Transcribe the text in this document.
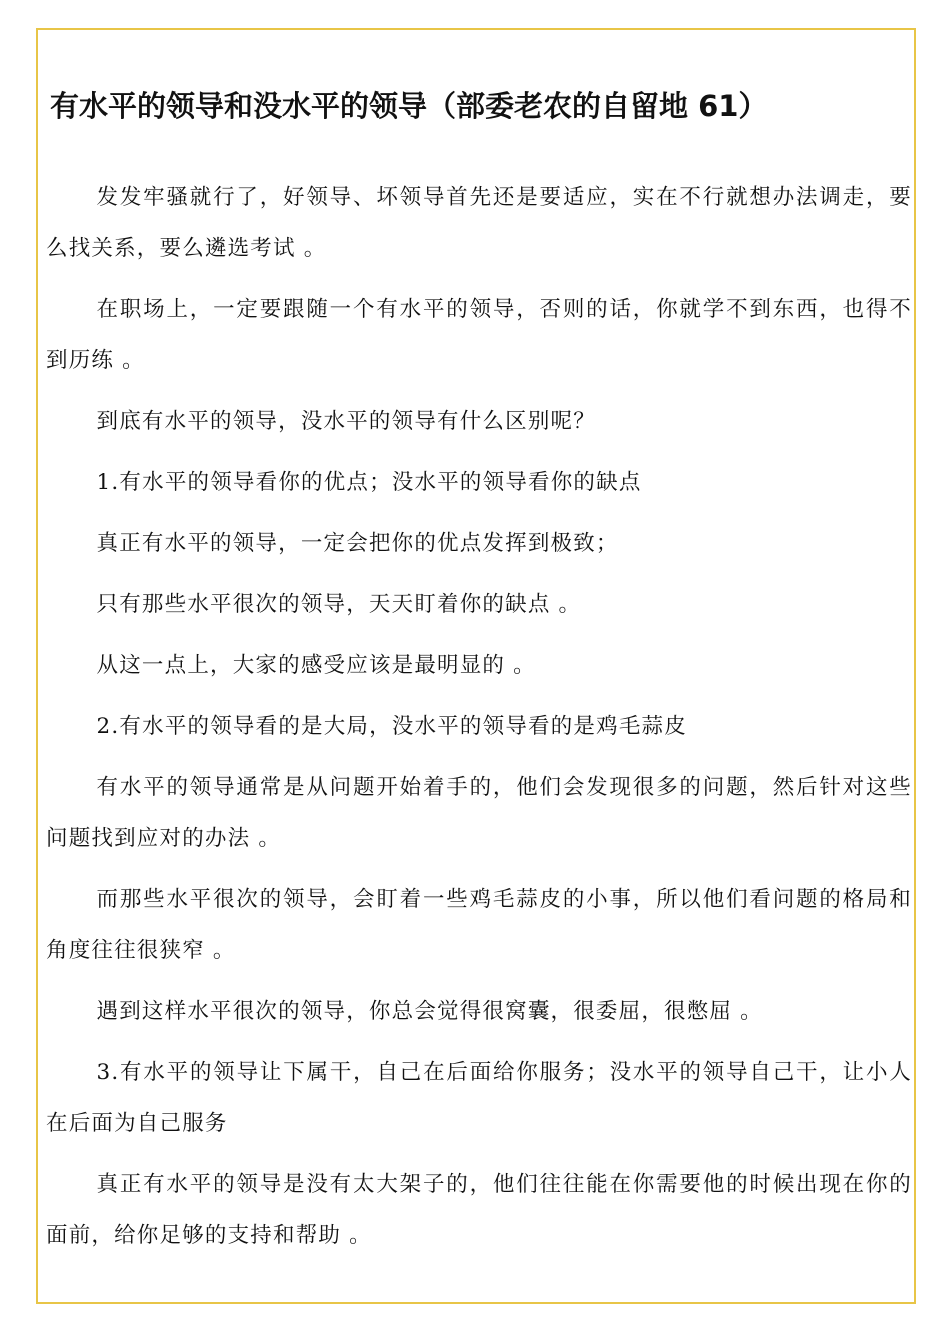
有水平的领导和没水平的领导（部委老农的自留地 61）

发发牢骚就行了，好领导、坏领导首先还是要适应，实在不行就想办法调走，要么找关系，要么遴选考试 。

在职场上，一定要跟随一个有水平的领导，否则的话，你就学不到东西，也得不到历练 。

到底有水平的领导，没水平的领导有什么区别呢？

1.有水平的领导看你的优点；没水平的领导看你的缺点

真正有水平的领导，一定会把你的优点发挥到极致；

只有那些水平很次的领导，天天盯着你的缺点 。

从这一点上，大家的感受应该是最明显的 。

2.有水平的领导看的是大局，没水平的领导看的是鸡毛蒜皮

有水平的领导通常是从问题开始着手的，他们会发现很多的问题，然后针对这些问题找到应对的办法 。

而那些水平很次的领导，会盯着一些鸡毛蒜皮的小事，所以他们看问题的格局和角度往往很狭窄 。

遇到这样水平很次的领导，你总会觉得很窝囊，很委屈，很憋屈 。

3.有水平的领导让下属干，自己在后面给你服务；没水平的领导自己干，让小人在后面为自己服务

真正有水平的领导是没有太大架子的，他们往往能在你需要他的时候出现在你的面前，给你足够的支持和帮助 。
